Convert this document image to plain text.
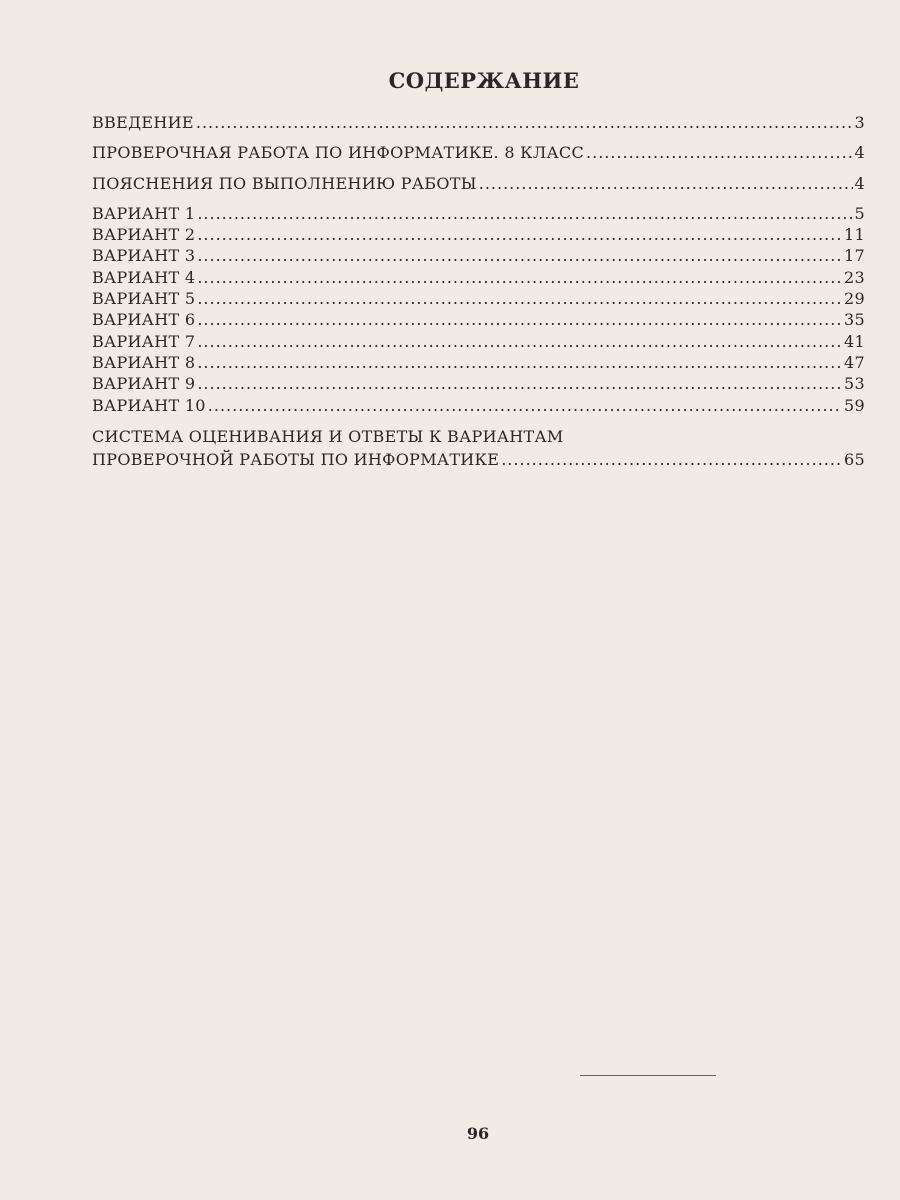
СОДЕРЖАНИЕ
ВВЕДЕНИЕ .....	3
ПРОВЕРОЧНАЯ РАБОТА ПО ИНФОРМАТИКЕ. 8 КЛАСС .....	4
ПОЯСНЕНИЯ ПО ВЫПОЛНЕНИЮ РАБОТЫ .....	4
ВАРИАНТ 1 .....	5
ВАРИАНТ 2 .....	11
ВАРИАНТ 3 .....	17
ВАРИАНТ 4 .....	23
ВАРИАНТ 5 .....	29
ВАРИАНТ 6 .....	35
ВАРИАНТ 7 .....	41
ВАРИАНТ 8 .....	47
ВАРИАНТ 9 .....	53
ВАРИАНТ 10 .....	59
СИСТЕМА ОЦЕНИВАНИЯ И ОТВЕТЫ К ВАРИАНТАМ
ПРОВЕРОЧНОЙ РАБОТЫ ПО ИНФОРМАТИКЕ .....	65
96
